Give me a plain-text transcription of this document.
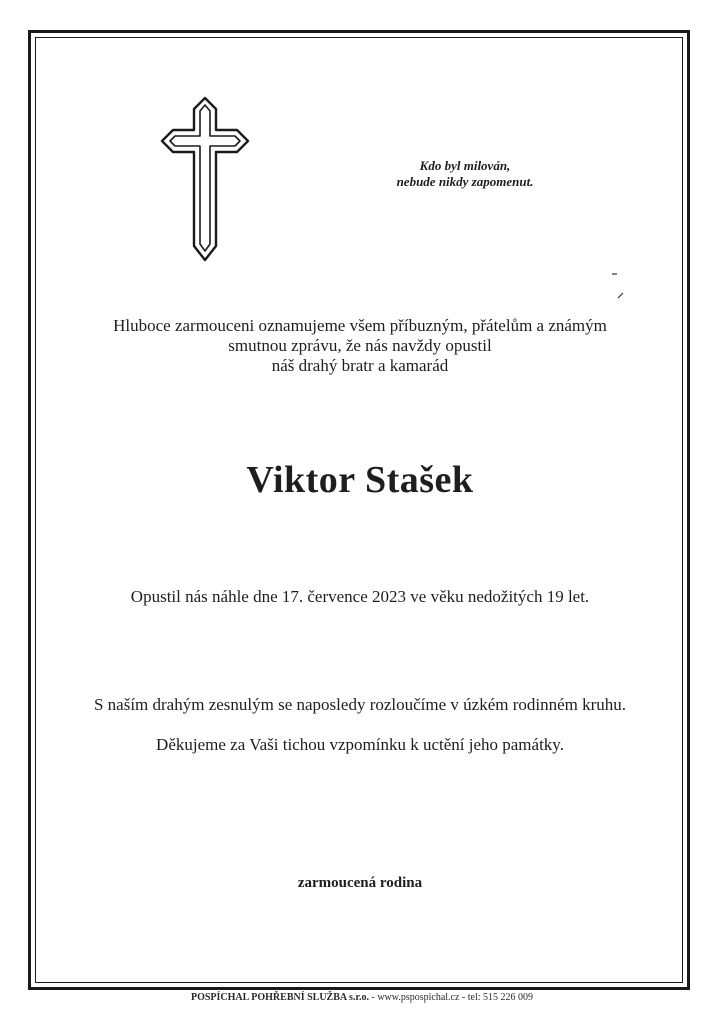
Kdo byl milován,
nebude nikdy zapomenut.
Hluboce zarmouceni oznamujeme všem příbuzným, přátelům a známým
smutnou zprávu, že nás navždy opustil
náš drahý bratr a kamarád
Viktor Stašek
Opustil nás náhle dne 17. července 2023 ve věku nedožitých 19 let.
S naším drahým zesnulým se naposledy rozloučíme v úzkém rodinném kruhu.
Děkujeme za Vaši tichou vzpomínku k uctění jeho památky.
zarmoucená rodina
POSPÍCHAL POHŘEBNÍ SLUŽBA s.r.o. - www.pspospichal.cz - tel: 515 226 009
